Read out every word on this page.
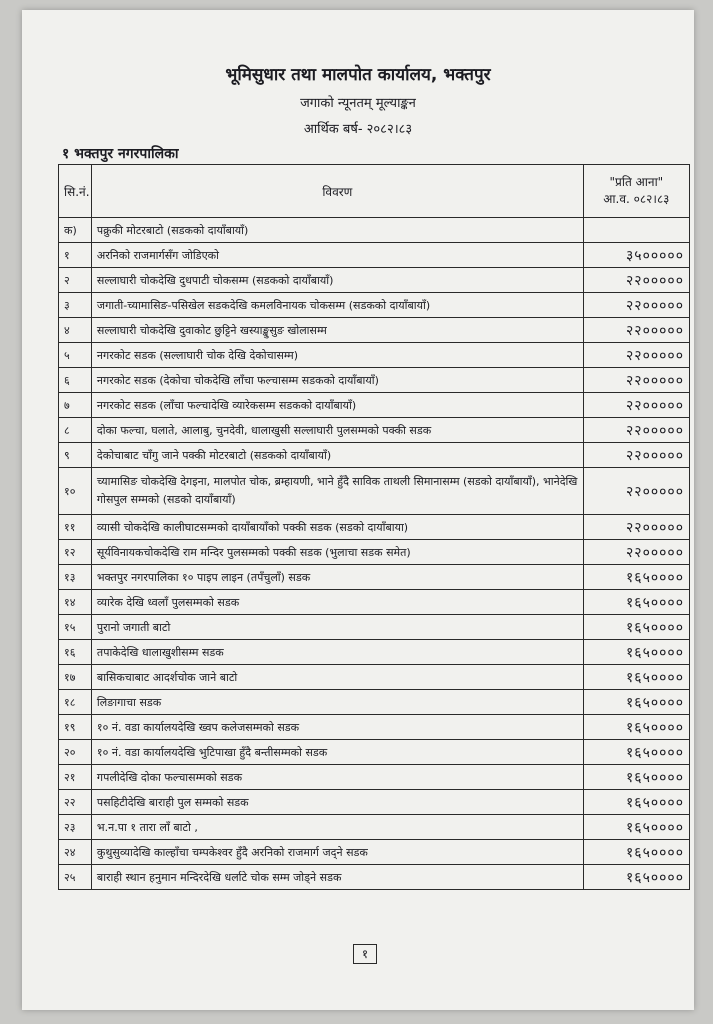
भूमिसुधार तथा मालपोत कार्यालय, भक्तपुर
जगाको न्यूनतम् मूल्याङ्कन
आर्थिक बर्ष- २०८२।८३
१ भक्तपुर नगरपालिका
सि.नं.	विवरण	"प्रति आना"
आ.व. ०८२।८३

क)	पक्रुकी मोटरबाटो (सडकको दायाँबायाँ)	
१	अरनिको राजमार्गसँग जोडिएको	३५०००००
२	सल्लाघारी चोकदेखि दुधपाटी चोकसम्म (सडकको दायाँबायाँ)	२२०००००
३	जगाती-च्यामासिङ-पसिखेल सडकदेखि कमलविनायक चोकसम्म (सडकको दायाँबायाँ)	२२०००००
४	सल्लाघारी चोकदेखि दुवाकोट छुट्टिने खस्याङ्खुसुङ खोलासम्म	२२०००००
५	नगरकोट सडक (सल्लाघारी चोक देखि देकोचासम्म)	२२०००००
६	नगरकोट सडक (देकोचा चोकदेखि लाँचा फल्चासम्म सडकको दायाँबायाँ)	२२०००००
७	नगरकोट सडक (लाँचा फल्चादेखि व्यारेकसम्म सडकको दायाँबायाँ)	२२०००००
८	दोका फल्चा, घलाते, आलाबु, चुनदेवी, धालाखुसी सल्लाघारी पुलसम्मको पक्की सडक	२२०००००
९	देकोचाबाट चाँगु जाने पक्की मोटरबाटो (सडकको दायाँबायाँ)	२२०००००
१०	च्यामासिङ चोकदेखि देगइना, मालपोत चोक, ब्रम्हायणी, भाने हुँदै साविक ताथली सिमानासम्म (सडको दायाँबायाँ), भानेदेखि गोसपुल सम्मको (सडको दायाँबायाँ)	२२०००००
११	व्यासी चोकदेखि कालीघाटसम्मको दायाँबायाँको पक्की सडक (सडको दायाँबाया)	२२०००००
१२	सूर्यविनायकचोकदेखि राम मन्दिर पुलसम्मको पक्की सडक (भुलाचा सडक समेत)	२२०००००
१३	भक्तपुर नगरपालिका १० पाइप लाइन (तपँचुलाँ) सडक	१६५००००
१४	व्यारेक देखि ध्वलाँ पुलसम्मको सडक	१६५००००
१५	पुरानो जगाती बाटो	१६५००००
१६	तपाकेदेखि धालाखुशीसम्म सडक	१६५००००
१७	बासिकचाबाट आदर्शचोक जाने बाटो	१६५००००
१८	लिङागाचा सडक	१६५००००
१९	१० नं. वडा कार्यालयदेखि ख्वप कलेजसम्मको सडक	१६५००००
२०	१० नं. वडा कार्यालयदेखि भुटिपाखा हुँदै बन्तीसम्मको सडक	१६५००००
२१	गपलीदेखि दोका फल्चासम्मको सडक	१६५००००
२२	पसहिटीदेखि बाराही पुल सम्मको सडक	१६५००००
२३	भ.न.पा १ तारा लाँ बाटो ,	१६५००००
२४	कुथुसुव्यादेखि काल्हाँचा चम्पकेश्वर हुँदै अरनिको राजमार्ग जद्ने सडक	१६५००००
२५	बाराही स्थान हनुमान मन्दिरदेखि धर्लाटे चोक सम्म जोड्ने सडक	१६५००००
१
